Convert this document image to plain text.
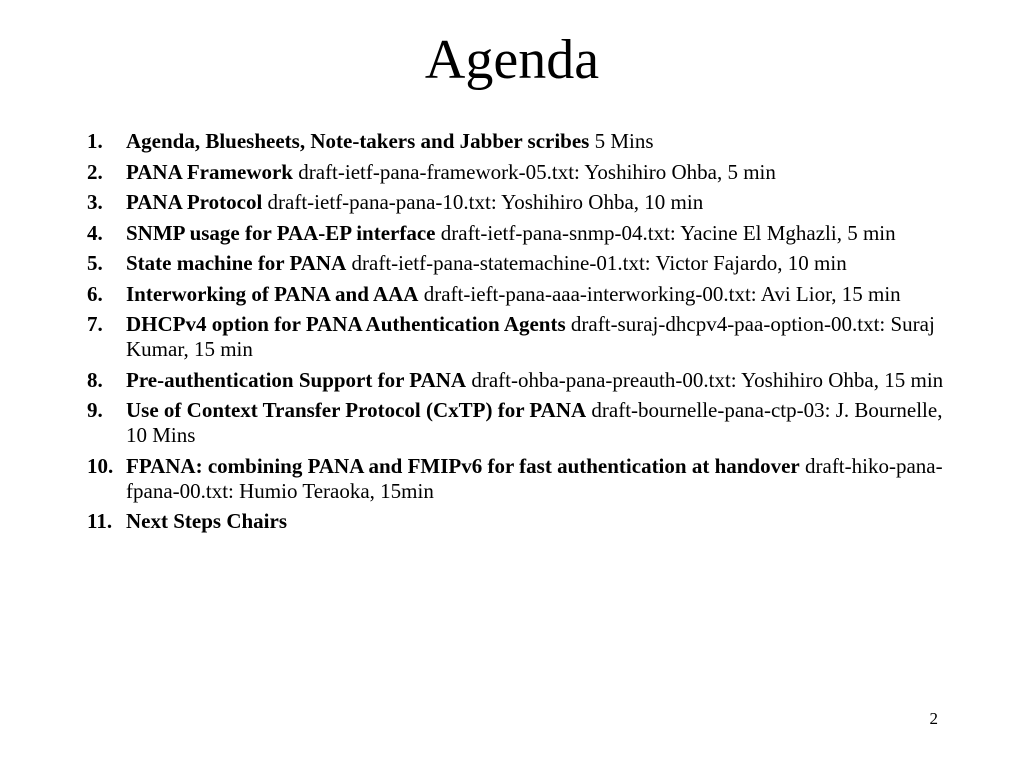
Agenda
1.	Agenda, Bluesheets, Note-takers and Jabber scribes 5 Mins
2.	PANA Framework draft-ietf-pana-framework-05.txt: Yoshihiro Ohba, 5 min
3.	PANA Protocol draft-ietf-pana-pana-10.txt: Yoshihiro Ohba, 10 min
4.	SNMP usage for PAA-EP interface draft-ietf-pana-snmp-04.txt: Yacine El Mghazli, 5 min
5.	State machine for PANA draft-ietf-pana-statemachine-01.txt: Victor Fajardo, 10 min
6.	Interworking of PANA and AAA draft-ieft-pana-aaa-interworking-00.txt: Avi Lior, 15 min
7.	DHCPv4 option for PANA Authentication Agents draft-suraj-dhcpv4-paa-option-00.txt: Suraj Kumar, 15 min
8.	Pre-authentication Support for PANA draft-ohba-pana-preauth-00.txt: Yoshihiro Ohba, 15 min
9.	Use of Context Transfer Protocol (CxTP) for PANA draft-bournelle-pana-ctp-03: J. Bournelle, 10 Mins
10. FPANA: combining PANA and FMIPv6 for fast authentication at handover draft-hiko-pana-fpana-00.txt: Humio Teraoka, 15min
11. Next Steps Chairs
2
